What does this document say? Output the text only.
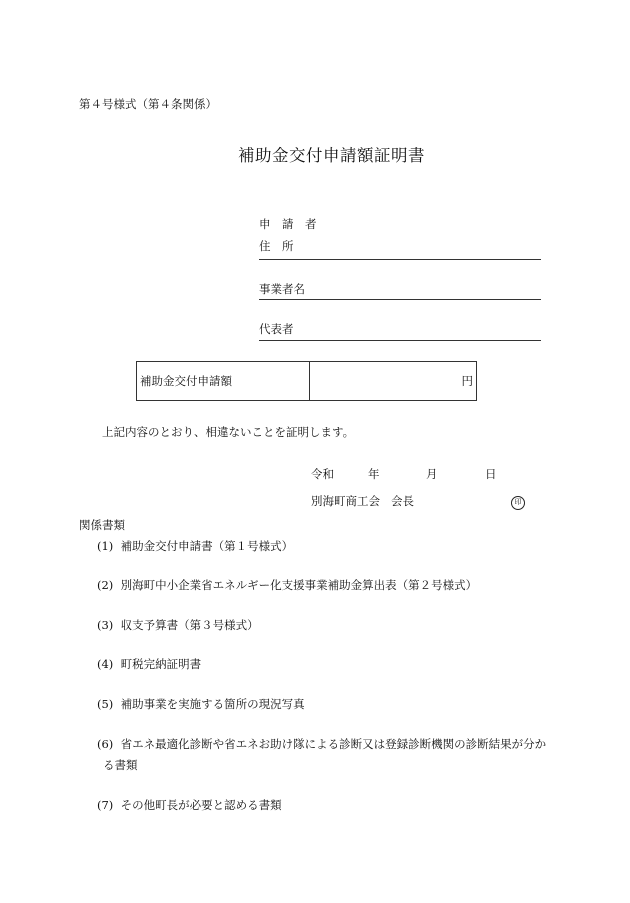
第４号様式（第４条関係）
補助金交付申請額証明書
申　請　者
住　所
事業者名
代表者
補助金交付申請額	円
上記内容のとおり、相違ないことを証明します。
令和	年	月	日
別海町商工会 会長	印
関係書類
(1) 補助金交付申請書（第１号様式）
(2) 別海町中小企業省エネルギー化支援事業補助金算出表（第２号様式）
(3) 収支予算書（第３号様式）
(4) 町税完納証明書
(5) 補助事業を実施する箇所の現況写真
(6) 省エネ最適化診断や省エネお助け隊による診断又は登録診断機関の診断結果が分か
る書類
(7) その他町長が必要と認める書類
